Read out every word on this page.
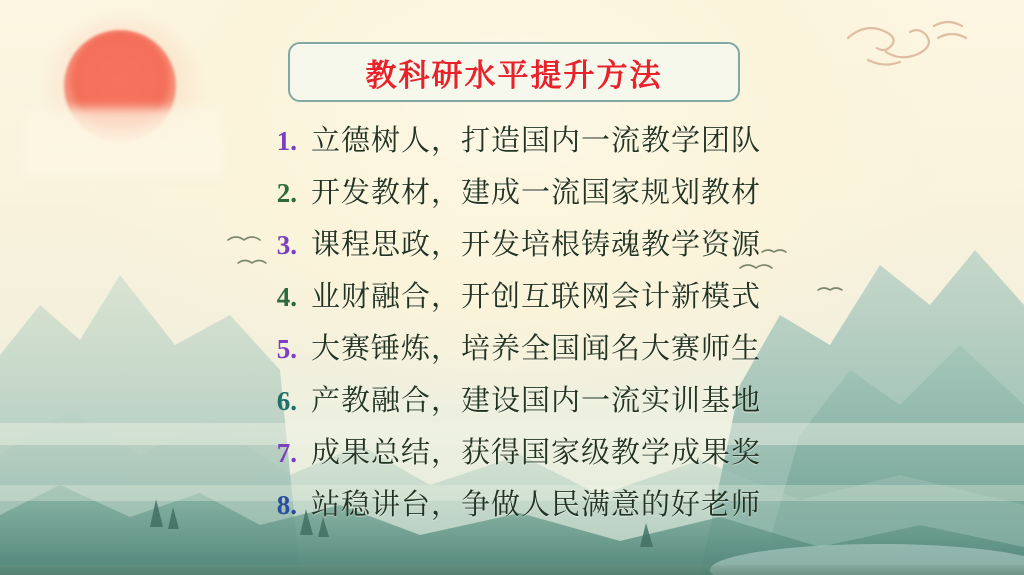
教科研水平提升方法
1. 立德树人，打造国内一流教学团队
2. 开发教材，建成一流国家规划教材
3. 课程思政，开发培根铸魂教学资源
4. 业财融合，开创互联网会计新模式
5. 大赛锤炼，培养全国闻名大赛师生
6. 产教融合，建设国内一流实训基地
7. 成果总结，获得国家级教学成果奖
8. 站稳讲台，争做人民满意的好老师
